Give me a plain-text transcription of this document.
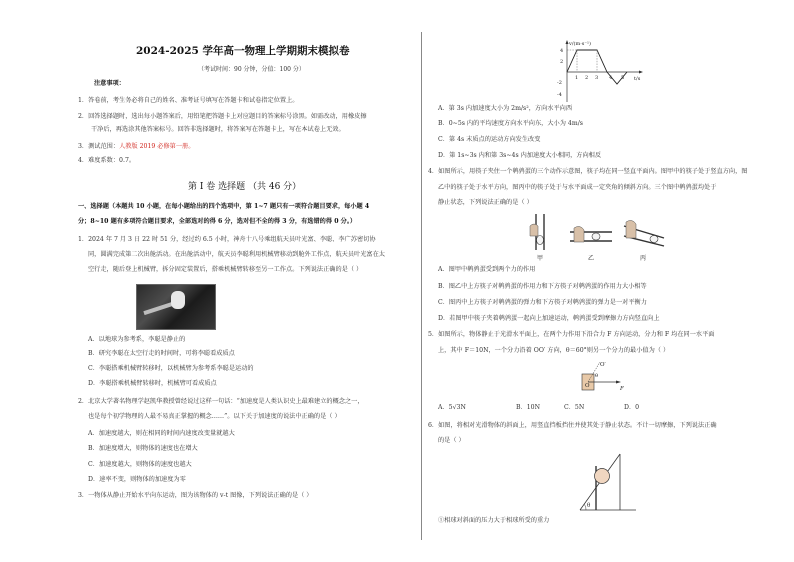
2024-2025 学年高一物理上学期期末模拟卷
（考试时间：90 分钟，分值：100 分）
注意事项：
1．答卷前，考生务必将自己的姓名、准考证号填写在答题卡和试卷指定位置上。
2．回答选择题时，选出每小题答案后，用铅笔把答题卡上对应题目的答案标号涂黑。如需改动，用橡皮擦
干净后，再选涂其他答案标号。回答非选择题时，将答案写在答题卡上，写在本试卷上无效。
3．测试范围：人教版 2019 必修第一册。
4．难度系数：0.7。
第 Ⅰ 卷 选择题 （共 46 分）
一、选择题（本题共 10 小题，在每小题给出的四个选项中，第 1~7 题只有一项符合题目要求，每小题 4
分；8~10 题有多项符合题目要求，全部选对的得 6 分，选对但不全的得 3 分，有选错的得 0 分。）
1．2024 年 7 月 3 日 22 时 51 分，经过约 6.5 小时，神舟十八号乘组航天员叶光富、李聪、李广苏密切协
同，圆满完成第二次出舱活动。在出舱活动中，航天员李聪利用机械臂移动到舱外工作点，航天员叶光富在太
空行走，随后登上机械臂，拆分固定装置后，搭乘机械臂转移至另一工作点。下列说法正确的是（ ）
A．以地球为参考系，李聪是静止的
B．研究李聪在太空行走的时间时，可将李聪看成质点
C．李聪搭乘机械臂转移时，以机械臂为参考系李聪是运动的
D．李聪搭乘机械臂转移时，机械臂可看成质点
2．北京大学著名物理学赵凯华教授曾经说过这样一句话：“加速度是人类认识史上最难建立的概念之一，
也是每个初学物理的人最不易真正掌握的概念……”。以下关于加速度的说法中正确的是（ ）
A．加速度越大，则在相同的时间内速度改变量就越大
B．加速度增大，则物体的速度也在增大
C．加速度越大，则物体的速度也越大
D．速率不变，则物体的加速度为零
3．一物体从静止开始水平向东运动，图为该物体的 v-t 图像，下列说法正确的是（ ）
v/(m·s⁻¹)
t/s
4
2
-2
-4
1 2 3 4 5
A．第 3s 内加速度大小为 2m/s²，方向水平向西
B．0~5s 内的平均速度方向水平向东，大小为 4m/s
C．第 4s 末质点的运动方向发生改变
D．第 1s~3s 内和第 3s~4s 内加速度大小相同，方向相反
4．如图所示，用筷子夹住一个鹌鹑蛋的三个动作示意图，筷子均在同一竖直平面内。图甲中的筷子处于竖直方向，图
乙中的筷子处于水平方向，图丙中的筷子处于与水平面成一定夹角的倾斜方向。三个图中鹌鹑蛋均处于
静止状态，下列说法正确的是（ ）
A．图甲中鹌鹑蛋受到两个力的作用
B．图乙中上方筷子对鹌鹑蛋的作用力和下方筷子对鹌鹑蛋的作用力大小相等
C．图丙中上方筷子对鹌鹑蛋的弹力和下方筷子对鹌鹑蛋的弹力是一对平衡力
D．若图甲中筷子夹着鹌鹑蛋一起向上加速运动，鹌鹑蛋受到摩擦力方向竖直向上
5．如图所示，物体静止于光滑水平面上，在两个力作用下沿合力 F 方向运动，分力和 F 均在同一水平面
上，其中 F＝10N，一个分力沿着 OO′ 方向，θ＝60°则另一个分力的最小值为（ ）
A．5√3N	B．10N	C．5N	D．0
6．如图，将相对光滑物体的斜面上，用竖直挡板挡住并使其处于静止状态。不计一切摩擦，下列说法正确
的是（ ）
①相球对斜面的压力大于相球所受的重力
甲	乙	丙
O
O′
F
θ
θ
